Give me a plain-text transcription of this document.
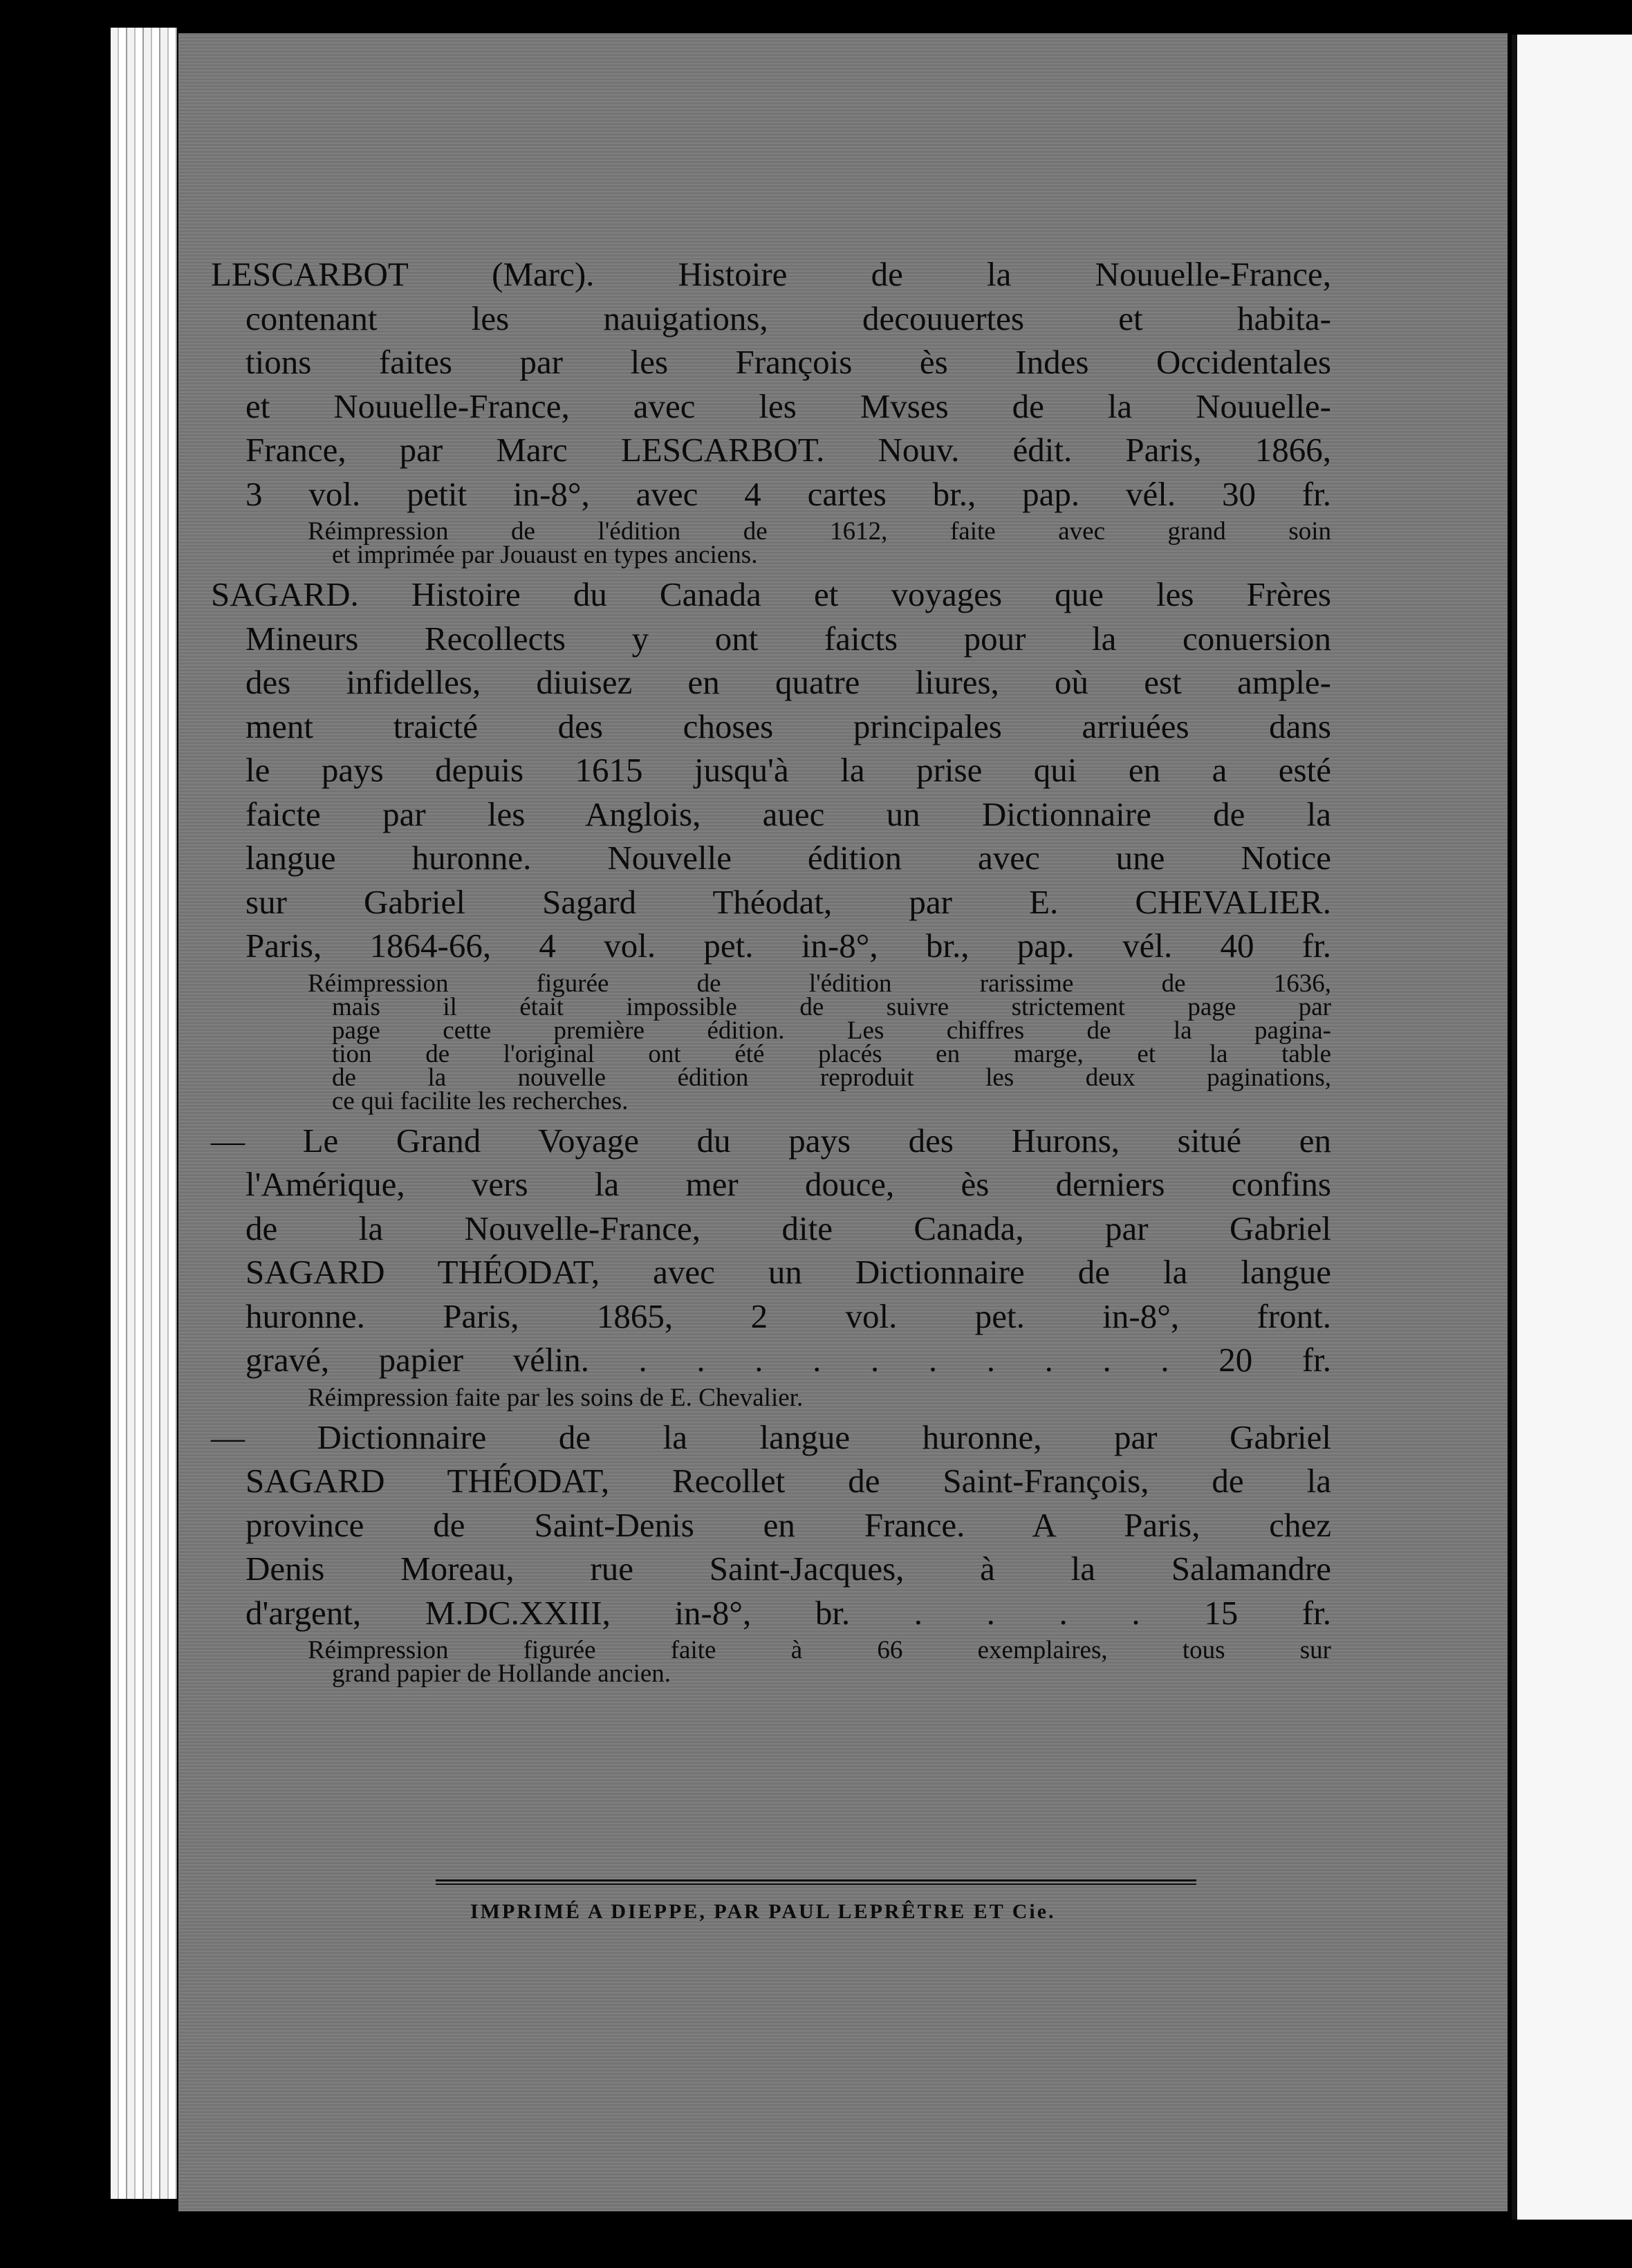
LESCARBOT (Marc). Histoire de la Nouuelle-France,
contenant les nauigations, decouuertes et habita-
tions faites par les François ès Indes Occidentales
et Nouuelle-France, avec les Mvses de la Nouuelle-
France, par Marc LESCARBOT. Nouv. édit. Paris, 1866,
3 vol. petit in-8°, avec 4 cartes br., pap. vél. 30 fr.
Réimpression de l'édition de 1612, faite avec grand soin
et imprimée par Jouaust en types anciens.
SAGARD. Histoire du Canada et voyages que les Frères
Mineurs Recollects y ont faicts pour la conuersion
des infidelles, diuisez en quatre liures, où est ample-
ment traicté des choses principales arriuées dans
le pays depuis 1615 jusqu'à la prise qui en a esté
faicte par les Anglois, auec un Dictionnaire de la
langue huronne. Nouvelle édition avec une Notice
sur Gabriel Sagard Théodat, par E. CHEVALIER.
Paris, 1864-66, 4 vol. pet. in-8°, br., pap. vél. 40 fr.
Réimpression figurée de l'édition rarissime de 1636,
mais il était impossible de suivre strictement page par
page cette première édition. Les chiffres de la pagina-
tion de l'original ont été placés en marge, et la table
de la nouvelle édition reproduit les deux paginations,
ce qui facilite les recherches.
— Le Grand Voyage du pays des Hurons, situé en
l'Amérique, vers la mer douce, ès derniers confins
de la Nouvelle-France, dite Canada, par Gabriel
SAGARD THÉODAT, avec un Dictionnaire de la langue
huronne. Paris, 1865, 2 vol. pet. in-8°, front.
gravé, papier vélin. . . . . . . . . . . 20 fr.
Réimpression faite par les soins de E. Chevalier.
— Dictionnaire de la langue huronne, par Gabriel
SAGARD THÉODAT, Recollet de Saint-François, de la
province de Saint-Denis en France. A Paris, chez
Denis Moreau, rue Saint-Jacques, à la Salamandre
d'argent, M.DC.XXIII, in-8°, br. . . . . 15 fr.
Réimpression figurée faite à 66 exemplaires, tous sur
grand papier de Hollande ancien.
IMPRIMÉ A DIEPPE, PAR PAUL LEPRÊTRE ET Cie.
